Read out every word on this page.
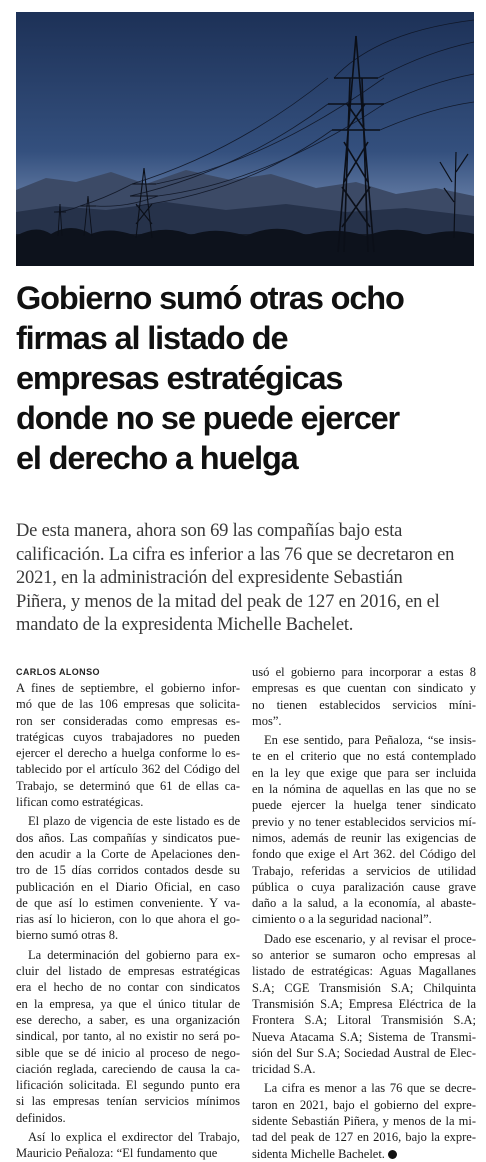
Gobierno sumó otras ocho
firmas al listado de
empresas estratégicas
donde no se puede ejercer
el derecho a huelga

De esta manera, ahora son 69 las compañías bajo esta
calificación. La cifra es inferior a las 76 que se decretaron en
2021, en la administración del expresidente Sebastián
Piñera, y menos de la mitad del peak de 127 en 2016, en el
mandato de la expresidenta Michelle Bachelet.

CARLOS ALONSO
A fines de septiembre, el gobierno infor-
mó que de las 106 empresas que solicita-
ron ser consideradas como empresas es-
tratégicas cuyos trabajadores no pueden
ejercer el derecho a huelga conforme lo es-
tablecido por el artículo 362 del Código del
Trabajo, se determinó que 61 de ellas ca-
lifican como estratégicas.
El plazo de vigencia de este listado es de
dos años. Las compañías y sindicatos pue-
den acudir a la Corte de Apelaciones den-
tro de 15 días corridos contados desde su
publicación en el Diario Oficial, en caso
de que así lo estimen conveniente. Y va-
rias así lo hicieron, con lo que ahora el go-
bierno sumó otras 8.
La determinación del gobierno para ex-
cluir del listado de empresas estratégicas
era el hecho de no contar con sindicatos
en la empresa, ya que el único titular de
ese derecho, a saber, es una organización
sindical, por tanto, al no existir no será po-
sible que se dé inicio al proceso de nego-
ciación reglada, careciendo de causa la ca-
lificación solicitada. El segundo punto era
si las empresas tenían servicios mínimos
definidos.
Así lo explica el exdirector del Trabajo,
Mauricio Peñaloza: “El fundamento que
usó el gobierno para incorporar a estas 8
empresas es que cuentan con sindicato y
no tienen establecidos servicios míni-
mos”.
En ese sentido, para Peñaloza, “se insis-
te en el criterio que no está contemplado
en la ley que exige que para ser incluida
en la nómina de aquellas en las que no se
puede ejercer la huelga tener sindicato
previo y no tener establecidos servicios mí-
nimos, además de reunir las exigencias de
fondo que exige el Art 362. del Código del
Trabajo, referidas a servicios de utilidad
pública o cuya paralización cause grave
daño a la salud, a la economía, al abaste-
cimiento o a la seguridad nacional”.
Dado ese escenario, y al revisar el proce-
so anterior se sumaron ocho empresas al
listado de estratégicas: Aguas Magallanes
S.A; CGE Transmisión S.A; Chilquinta
Transmisión S.A; Empresa Eléctrica de la
Frontera S.A; Litoral Transmisión S.A;
Nueva Atacama S.A; Sistema de Transmi-
sión del Sur S.A; Sociedad Austral de Elec-
tricidad S.A.
La cifra es menor a las 76 que se decre-
taron en 2021, bajo el gobierno del expre-
sidente Sebastián Piñera, y menos de la mi-
tad del peak de 127 en 2016, bajo la expre-
sidenta Michelle Bachelet.
